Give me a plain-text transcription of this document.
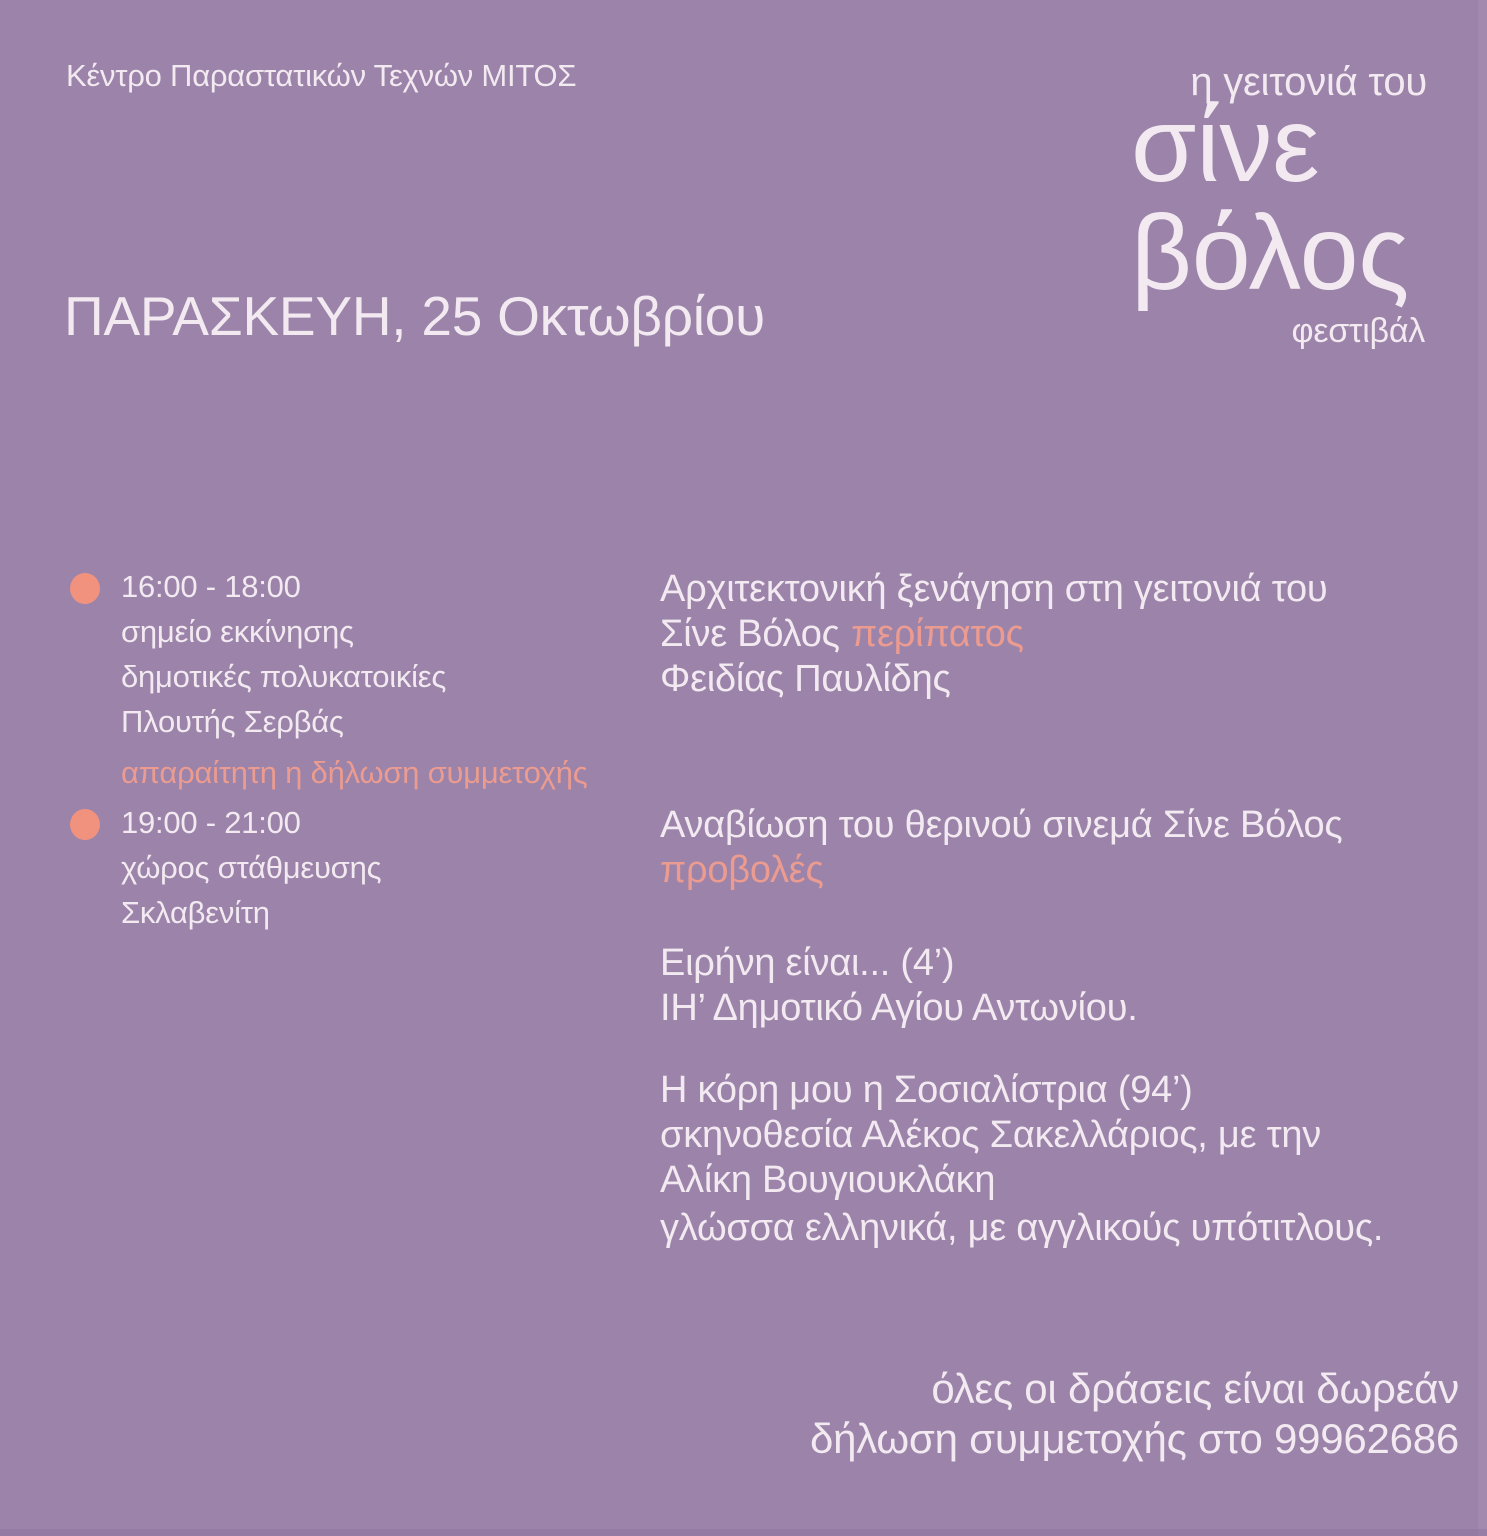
Κέντρο Παραστατικών Τεχνών ΜΙΤΟΣ
ΠΑΡΑΣΚΕΥΗ, 25 Οκτωβρίου
η γειτονιά του
σίνε
βόλος
φεστιβάλ
16:00 - 18:00
σημείο εκκίνησης
δημοτικές πολυκατοικίες
Πλουτής Σερβάς
απαραίτητη η δήλωση συμμετοχής
19:00 - 21:00
χώρος στάθμευσης
Σκλαβενίτη
Αρχιτεκτονική ξενάγηση στη γειτονιά του
Σίνε Βόλος περίπατος
Φειδίας Παυλίδης
Αναβίωση του θερινού σινεμά Σίνε Βόλος
προβολές
Ειρήνη είναι... (4’)
ΙΗ’ Δημοτικό Αγίου Αντωνίου.
Η κόρη μου η Σοσιαλίστρια (94’)
σκηνοθεσία Αλέκος Σακελλάριος, με την
Αλίκη Βουγιουκλάκη
γλώσσα ελληνικά, με αγγλικούς υπότιτλους.
όλες οι δράσεις είναι δωρεάν
δήλωση συμμετοχής στο 99962686
